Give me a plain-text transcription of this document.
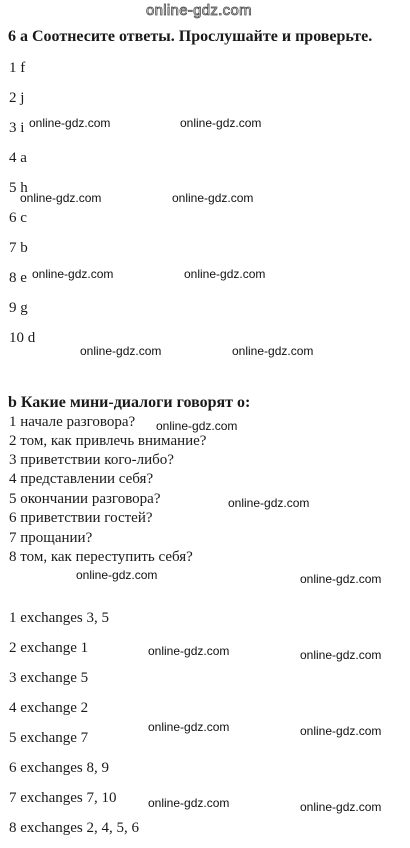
online-gdz.com
6 a Соотнесите ответы. Прослушайте и проверьте.
1 f
2 j
3 i
4 a
5 h
6 c
7 b
8 e
9 g
10 d
b Какие мини-диалоги говорят о:
1 начале разговора?
2 том, как привлечь внимание?
3 приветствии кого-либо?
4 представлении себя?
5 окончании разговора?
6 приветствии гостей?
7 прощании?
8 том, как переступить себя?
1 exchanges 3, 5
2 exchange 1
3 exchange 5
4 exchange 2
5 exchange 7
6 exchanges 8, 9
7 exchanges 7, 10
8 exchanges 2, 4, 5, 6
online-gdz.com	online-gdz.com
online-gdz.com	online-gdz.com
online-gdz.com	online-gdz.com
online-gdz.com	online-gdz.com
online-gdz.com
online-gdz.com
online-gdz.com	online-gdz.com
online-gdz.com	online-gdz.com
online-gdz.com	online-gdz.com
online-gdz.com	online-gdz.com
